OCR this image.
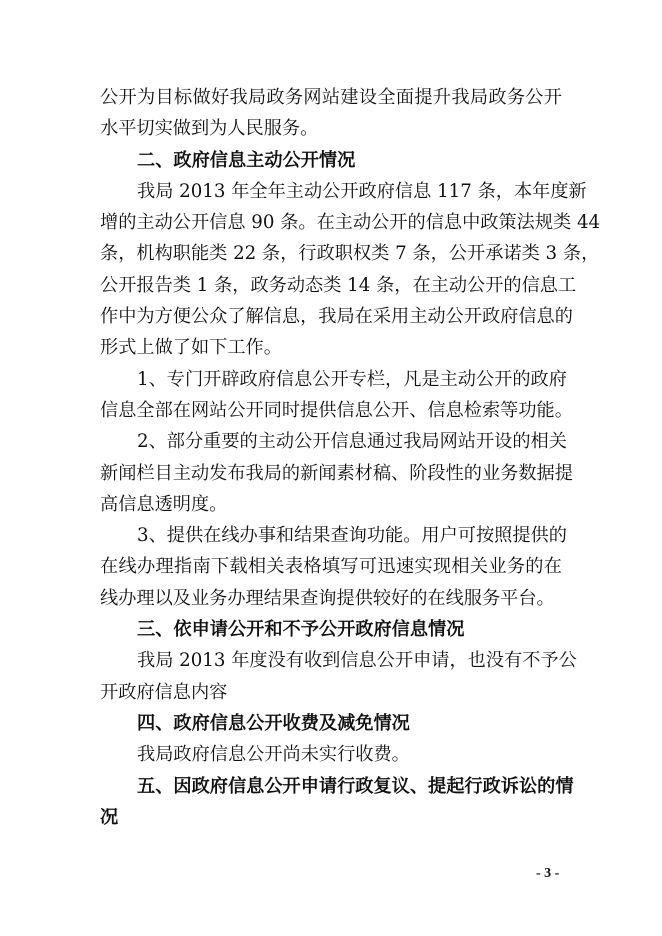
公开为目标做好我局政务网站建设全面提升我局政务公开
水平切实做到为人民服务。
二、政府信息主动公开情况
我局 2013 年全年主动公开政府信息 117 条，本年度新
增的主动公开信息 90 条。在主动公开的信息中政策法规类 44
条，机构职能类 22 条，行政职权类 7 条，公开承诺类 3 条，
公开报告类 1 条，政务动态类 14 条，在主动公开的信息工
作中为方便公众了解信息，我局在采用主动公开政府信息的
形式上做了如下工作。
1、专门开辟政府信息公开专栏，凡是主动公开的政府
信息全部在网站公开同时提供信息公开、信息检索等功能。
2、部分重要的主动公开信息通过我局网站开设的相关
新闻栏目主动发布我局的新闻素材稿、阶段性的业务数据提
高信息透明度。
3、提供在线办事和结果查询功能。用户可按照提供的
在线办理指南下载相关表格填写可迅速实现相关业务的在
线办理以及业务办理结果查询提供较好的在线服务平台。
三、依申请公开和不予公开政府信息情况
我局 2013 年度没有收到信息公开申请，也没有不予公
开政府信息内容
四、政府信息公开收费及减免情况
我局政府信息公开尚未实行收费。
五、因政府信息公开申请行政复议、提起行政诉讼的情
况
- 3 -
